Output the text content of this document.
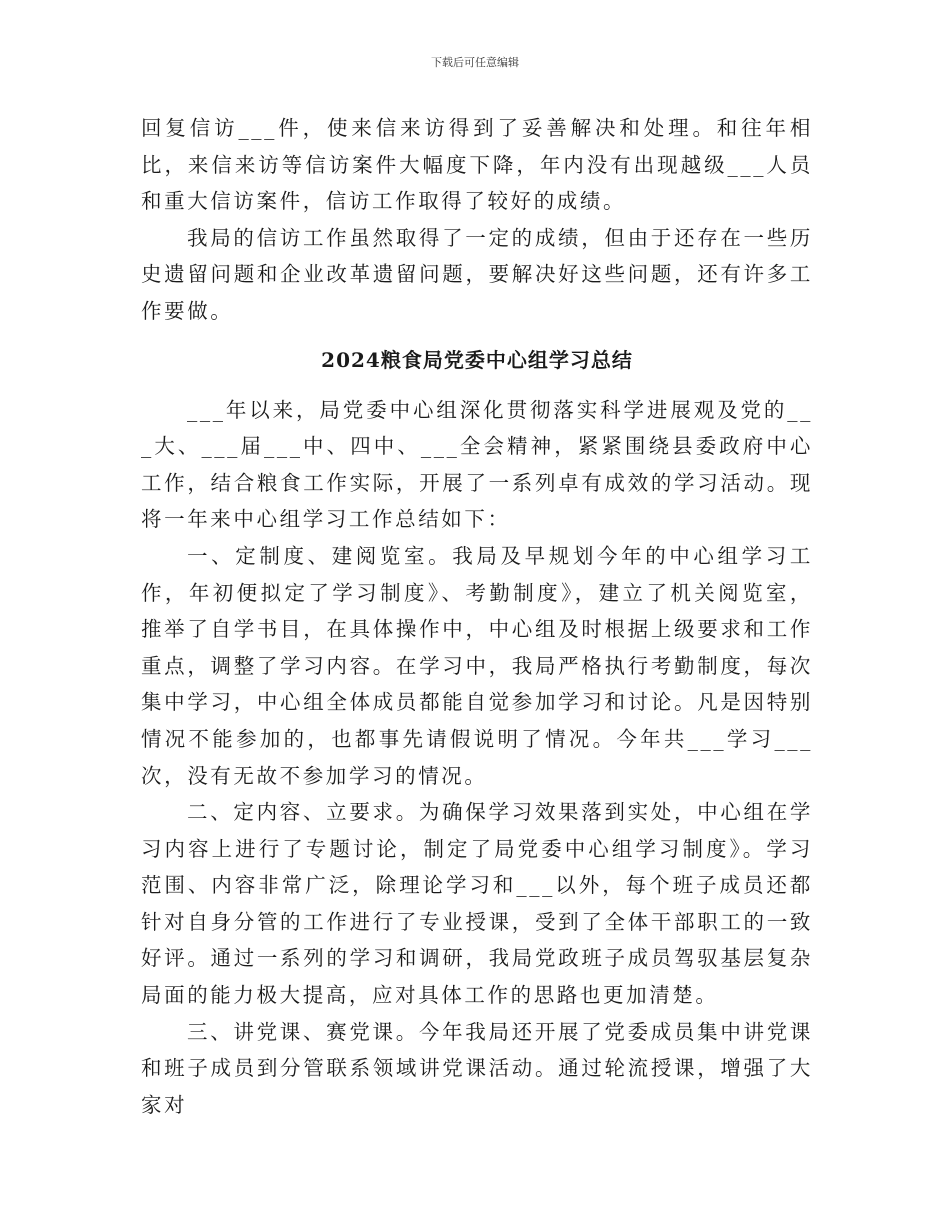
下载后可任意编辑

回复信访___件，使来信来访得到了妥善解决和处理。和往年相比，来信来访等信访案件大幅度下降，年内没有出现越级___人员和重大信访案件，信访工作取得了较好的成绩。

我局的信访工作虽然取得了一定的成绩，但由于还存在一些历史遗留问题和企业改革遗留问题，要解决好这些问题，还有许多工作要做。

2024粮食局党委中心组学习总结

___年以来，局党委中心组深化贯彻落实科学进展观及党的___大、___届___中、四中、___全会精神，紧紧围绕县委政府中心工作，结合粮食工作实际，开展了一系列卓有成效的学习活动。现将一年来中心组学习工作总结如下：

一、定制度、建阅览室。我局及早规划今年的中心组学习工作，年初便拟定了学习制度》、考勤制度》，建立了机关阅览室，推举了自学书目，在具体操作中，中心组及时根据上级要求和工作重点，调整了学习内容。在学习中，我局严格执行考勤制度，每次集中学习，中心组全体成员都能自觉参加学习和讨论。凡是因特别情况不能参加的，也都事先请假说明了情况。今年共___学习___次，没有无故不参加学习的情况。

二、定内容、立要求。为确保学习效果落到实处，中心组在学习内容上进行了专题讨论，制定了局党委中心组学习制度》。学习范围、内容非常广泛，除理论学习和___以外，每个班子成员还都针对自身分管的工作进行了专业授课，受到了全体干部职工的一致好评。通过一系列的学习和调研，我局党政班子成员驾驭基层复杂局面的能力极大提高，应对具体工作的思路也更加清楚。

三、讲党课、赛党课。今年我局还开展了党委成员集中讲党课和班子成员到分管联系领域讲党课活动。通过轮流授课，增强了大家对
